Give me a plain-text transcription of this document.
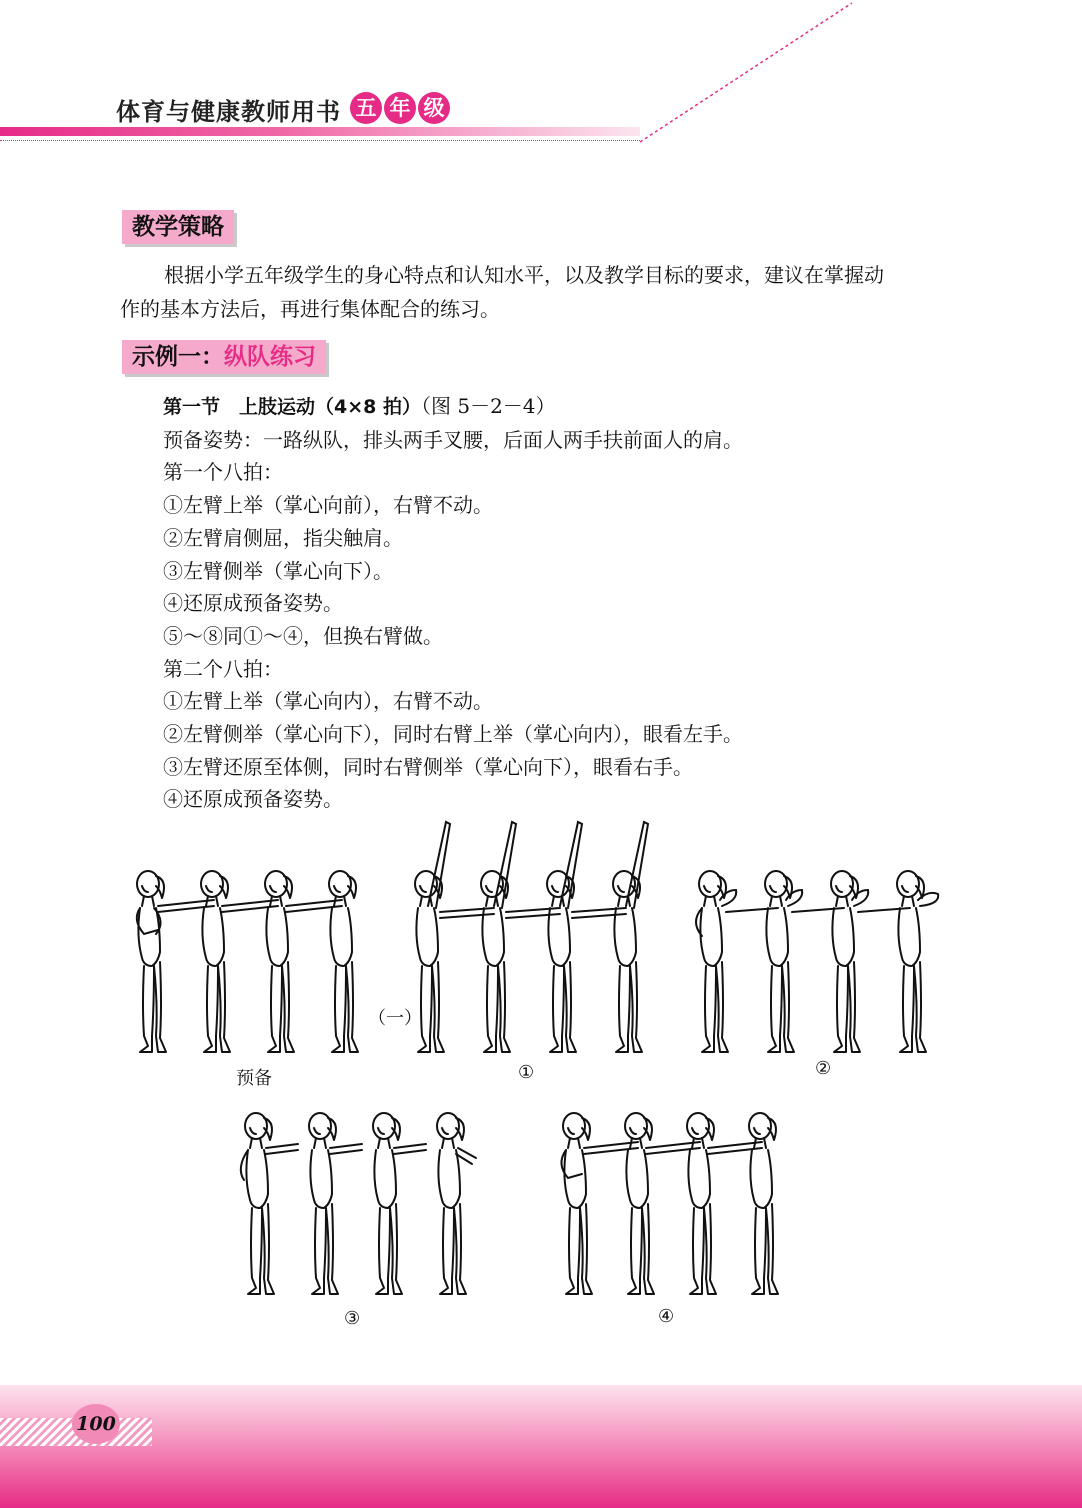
体育与健康教师用书 五 年 级
教学策略
根据小学五年级学生的身心特点和认知水平，以及教学目标的要求，建议在掌握动
作的基本方法后，再进行集体配合的练习。
示例一：纵队练习
第一节　上肢运动（4×8 拍）（图 5－2－4）
预备姿势：一路纵队，排头两手叉腰，后面人两手扶前面人的肩。
第一个八拍：
①左臂上举（掌心向前），右臂不动。
②左臂肩侧屈，指尖触肩。
③左臂侧举（掌心向下）。
④还原成预备姿势。
⑤～⑧同①～④，但换右臂做。
第二个八拍：
①左臂上举（掌心向内），右臂不动。
②左臂侧举（掌心向下），同时右臂上举（掌心向内），眼看左手。
③左臂还原至体侧，同时右臂侧举（掌心向下），眼看右手。
④还原成预备姿势。
（一）
预备	①	②
③	④
100
